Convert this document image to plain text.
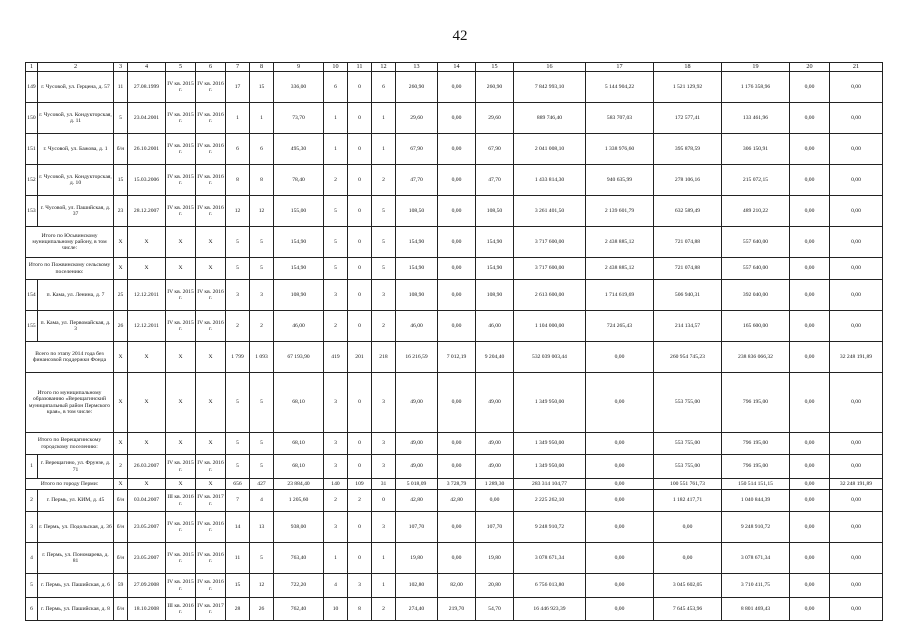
42
1	2	3	4	5	6	7	8	9	10	11	12	13	14	15	16	17	18	19	20	21
149	г. Чусовой, ул. Герцена, д. 57	11	27.08.1999	IV кв. 2015 г.	IV кв. 2016 г.	17	15	336,00	6	0	6	260,90	0,00	260,90	7 842 993,10	5 144 904,22	1 521 129,92	1 176 358,96	0,00	0,00
150	г. Чусовой, ул. Кондукторская, д. 11	5	23.04.2001	IV кв. 2015 г.	IV кв. 2016 г.	1	1	73,70	1	0	1	29,60	0,00	29,60	889 746,40	583 707,03	172 577,41	133 461,96	0,00	0,00
151	г. Чусовой, ул. Бажова, д. 1	б/н	26.10.2001	IV кв. 2015 г.	IV кв. 2016 г.	6	6	495,30	1	0	1	67,90	0,00	67,90	2 041 008,10	1 338 976,60	395 878,59	306 150,91	0,00	0,00
152	г. Чусовой, ул. Кондукторская, д. 10	15	15.03.2006	IV кв. 2015 г.	IV кв. 2016 г.	8	8	78,40	2	0	2	47,70	0,00	47,70	1 433 814,30	940 635,99	278 106,16	215 072,15	0,00	0,00
153	г. Чусовой, ул. Пашийская, д. 37	23	28.12.2007	IV кв. 2015 г.	IV кв. 2016 г.	12	12	155,00	5	0	5	108,50	0,00	108,50	3 261 401,50	2 139 601,79	632 589,49	489 210,22	0,00	0,00
Итого по Юсьвинскому муниципальному району, в том числе:		X	X	X	X	5	5	154,90	5	0	5	154,90	0,00	154,90	3 717 600,00	2 438 885,12	721 074,88	557 640,00	0,00	0,00
Итого по Пожвинскому сельскому поселению:		X	X	X	X	5	5	154,90	5	0	5	154,90	0,00	154,90	3 717 600,00	2 438 885,12	721 074,88	557 640,00	0,00	0,00
154	п. Кама, ул. Ленина, д. 7	25	12.12.2011	IV кв. 2015 г.	IV кв. 2016 г.	3	3	108,90	3	0	3	108,90	0,00	108,90	2 613 600,00	1 714 619,69	506 940,31	392 040,00	0,00	0,00
155	п. Кама, ул. Первомайская, д. 3	26	12.12.2011	IV кв. 2015 г.	IV кв. 2016 г.	2	2	46,00	2	0	2	46,00	0,00	46,00	1 104 000,00	724 265,43	214 134,57	165 600,00	0,00	0,00
Всего по этапу 2014 года без финансовой поддержки Фонда		X	X	X	X	1 799	1 093	67 193,90	419	201	218	16 216,59	7 012,19	9 204,40	532 039 003,44	0,00	260 954 745,23	238 836 066,32	0,00	32 248 191,89
Итого по муниципальному образованию «Верещагинский муниципальный район Пермского края», в том числе:		X	X	X	X	5	5	68,10	3	0	3	49,00	0,00	49,00	1 349 950,00	0,00	553 755,00	796 195,00	0,00	0,00
Итого по Верещагинскому городскому поселению:		X	X	X	X	5	5	68,10	3	0	3	49,00	0,00	49,00	1 349 950,00	0,00	553 755,00	796 195,00	0,00	0,00
1	г. Верещагино, ул. Фрунзе, д. 71	2	26.03.2007	IV кв. 2015 г.	IV кв. 2016 г.	5	5	68,10	3	0	3	49,00	0,00	49,00	1 349 950,00	0,00	553 755,00	796 195,00	0,00	0,00
Итого по городу Перми:		X	X	X	X	656	427	23 884,40	140	109	31	5 018,09	3 728,79	1 289,30	283 314 104,77	0,00	100 551 761,73	150 514 151,15	0,00	32 248 191,89
2	г. Пермь, ул. КИМ, д. 45	б/н	03.04.2007	III кв. 2016 г.	IV кв. 2017 г.	7	4	1 205,60	2	2	0	42,80	42,80	0,00	2 225 262,10	0,00	1 182 417,71	1 040 844,39	0,00	0,00
3	г. Пермь, ул. Подольская, д. 36	б/н	23.05.2007	IV кв. 2015 г.	IV кв. 2016 г.	14	13	938,00	3	0	3	107,70	0,00	107,70	9 248 910,72	0,00	0,00	9 248 910,72	0,00	0,00
4	г. Пермь, ул. Пономарева, д. 81	б/н	23.05.2007	IV кв. 2015 г.	IV кв. 2016 г.	11	5	763,40	1	0	1	19,80	0,00	19,80	3 078 671,34	0,00	0,00	3 078 671,34	0,00	0,00
5	г. Пермь, ул. Пашийская, д. 6	59	27.09.2008	IV кв. 2015 г.	IV кв. 2016 г.	15	12	722,20	4	3	1	102,80	82,00	20,80	6 756 013,80	0,00	3 045 602,05	3 710 411,75	0,00	0,00
6	г. Пермь, ул. Пашийская, д. 8	б/н	18.10.2008	III кв. 2016 г.	IV кв. 2017 г.	28	26	762,40	10	8	2	274,40	219,70	54,70	16 446 923,39	0,00	7 645 453,96	8 801 469,43	0,00	0,00
